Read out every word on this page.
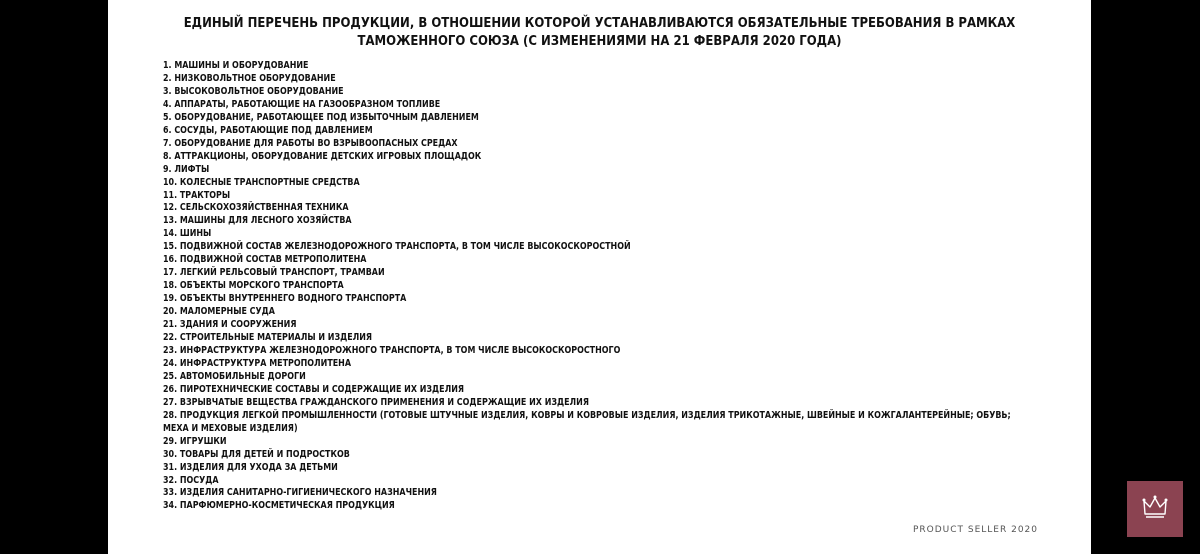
ЕДИНЫЙ ПЕРЕЧЕНЬ ПРОДУКЦИИ, В ОТНОШЕНИИ КОТОРОЙ УСТАНАВЛИВАЮТСЯ ОБЯЗАТЕЛЬНЫЕ ТРЕБОВАНИЯ В РАМКАХ
ТАМОЖЕННОГО СОЮЗА (С ИЗМЕНЕНИЯМИ НА 21 ФЕВРАЛЯ 2020 ГОДА)
1. МАШИНЫ И ОБОРУДОВАНИЕ
2. НИЗКОВОЛЬТНОЕ ОБОРУДОВАНИЕ
3. ВЫСОКОВОЛЬТНОЕ ОБОРУДОВАНИЕ
4. АППАРАТЫ, РАБОТАЮЩИЕ НА ГАЗООБРАЗНОМ ТОПЛИВЕ
5. ОБОРУДОВАНИЕ, РАБОТАЮЩЕЕ ПОД ИЗБЫТОЧНЫМ ДАВЛЕНИЕМ
6. СОСУДЫ, РАБОТАЮЩИЕ ПОД ДАВЛЕНИЕМ
7. ОБОРУДОВАНИЕ ДЛЯ РАБОТЫ ВО ВЗРЫВООПАСНЫХ СРЕДАХ
8. АТТРАКЦИОНЫ, ОБОРУДОВАНИЕ ДЕТСКИХ ИГРОВЫХ ПЛОЩАДОК
9. ЛИФТЫ
10. КОЛЕСНЫЕ ТРАНСПОРТНЫЕ СРЕДСТВА
11. ТРАКТОРЫ
12. СЕЛЬСКОХОЗЯЙСТВЕННАЯ ТЕХНИКА
13. МАШИНЫ ДЛЯ ЛЕСНОГО ХОЗЯЙСТВА
14. ШИНЫ
15. ПОДВИЖНОЙ СОСТАВ ЖЕЛЕЗНОДОРОЖНОГО ТРАНСПОРТА, В ТОМ ЧИСЛЕ ВЫСОКОСКОРОСТНОЙ
16. ПОДВИЖНОЙ СОСТАВ МЕТРОПОЛИТЕНА
17. ЛЕГКИЙ РЕЛЬСОВЫЙ ТРАНСПОРТ, ТРАМВАИ
18. ОБЪЕКТЫ МОРСКОГО ТРАНСПОРТА
19. ОБЪЕКТЫ ВНУТРЕННЕГО ВОДНОГО ТРАНСПОРТА
20. МАЛОМЕРНЫЕ СУДА
21. ЗДАНИЯ И СООРУЖЕНИЯ
22. СТРОИТЕЛЬНЫЕ МАТЕРИАЛЫ И ИЗДЕЛИЯ
23. ИНФРАСТРУКТУРА ЖЕЛЕЗНОДОРОЖНОГО ТРАНСПОРТА, В ТОМ ЧИСЛЕ ВЫСОКОСКОРОСТНОГО
24. ИНФРАСТРУКТУРА МЕТРОПОЛИТЕНА
25. АВТОМОБИЛЬНЫЕ ДОРОГИ
26. ПИРОТЕХНИЧЕСКИЕ СОСТАВЫ И СОДЕРЖАЩИЕ ИХ ИЗДЕЛИЯ
27. ВЗРЫВЧАТЫЕ ВЕЩЕСТВА ГРАЖДАНСКОГО ПРИМЕНЕНИЯ И СОДЕРЖАЩИЕ ИХ ИЗДЕЛИЯ
28. ПРОДУКЦИЯ ЛЕГКОЙ ПРОМЫШЛЕННОСТИ (ГОТОВЫЕ ШТУЧНЫЕ ИЗДЕЛИЯ, КОВРЫ И КОВРОВЫЕ ИЗДЕЛИЯ, ИЗДЕЛИЯ ТРИКОТАЖНЫЕ, ШВЕЙНЫЕ И КОЖГАЛАНТЕРЕЙНЫЕ; ОБУВЬ; МЕХА И МЕХОВЫЕ ИЗДЕЛИЯ)
29. ИГРУШКИ
30. ТОВАРЫ ДЛЯ ДЕТЕЙ И ПОДРОСТКОВ
31. ИЗДЕЛИЯ ДЛЯ УХОДА ЗА ДЕТЬМИ
32. ПОСУДА
33. ИЗДЕЛИЯ САНИТАРНО-ГИГИЕНИЧЕСКОГО НАЗНАЧЕНИЯ
34. ПАРФЮМЕРНО-КОСМЕТИЧЕСКАЯ ПРОДУКЦИЯ
PRODUCT SELLER 2020
